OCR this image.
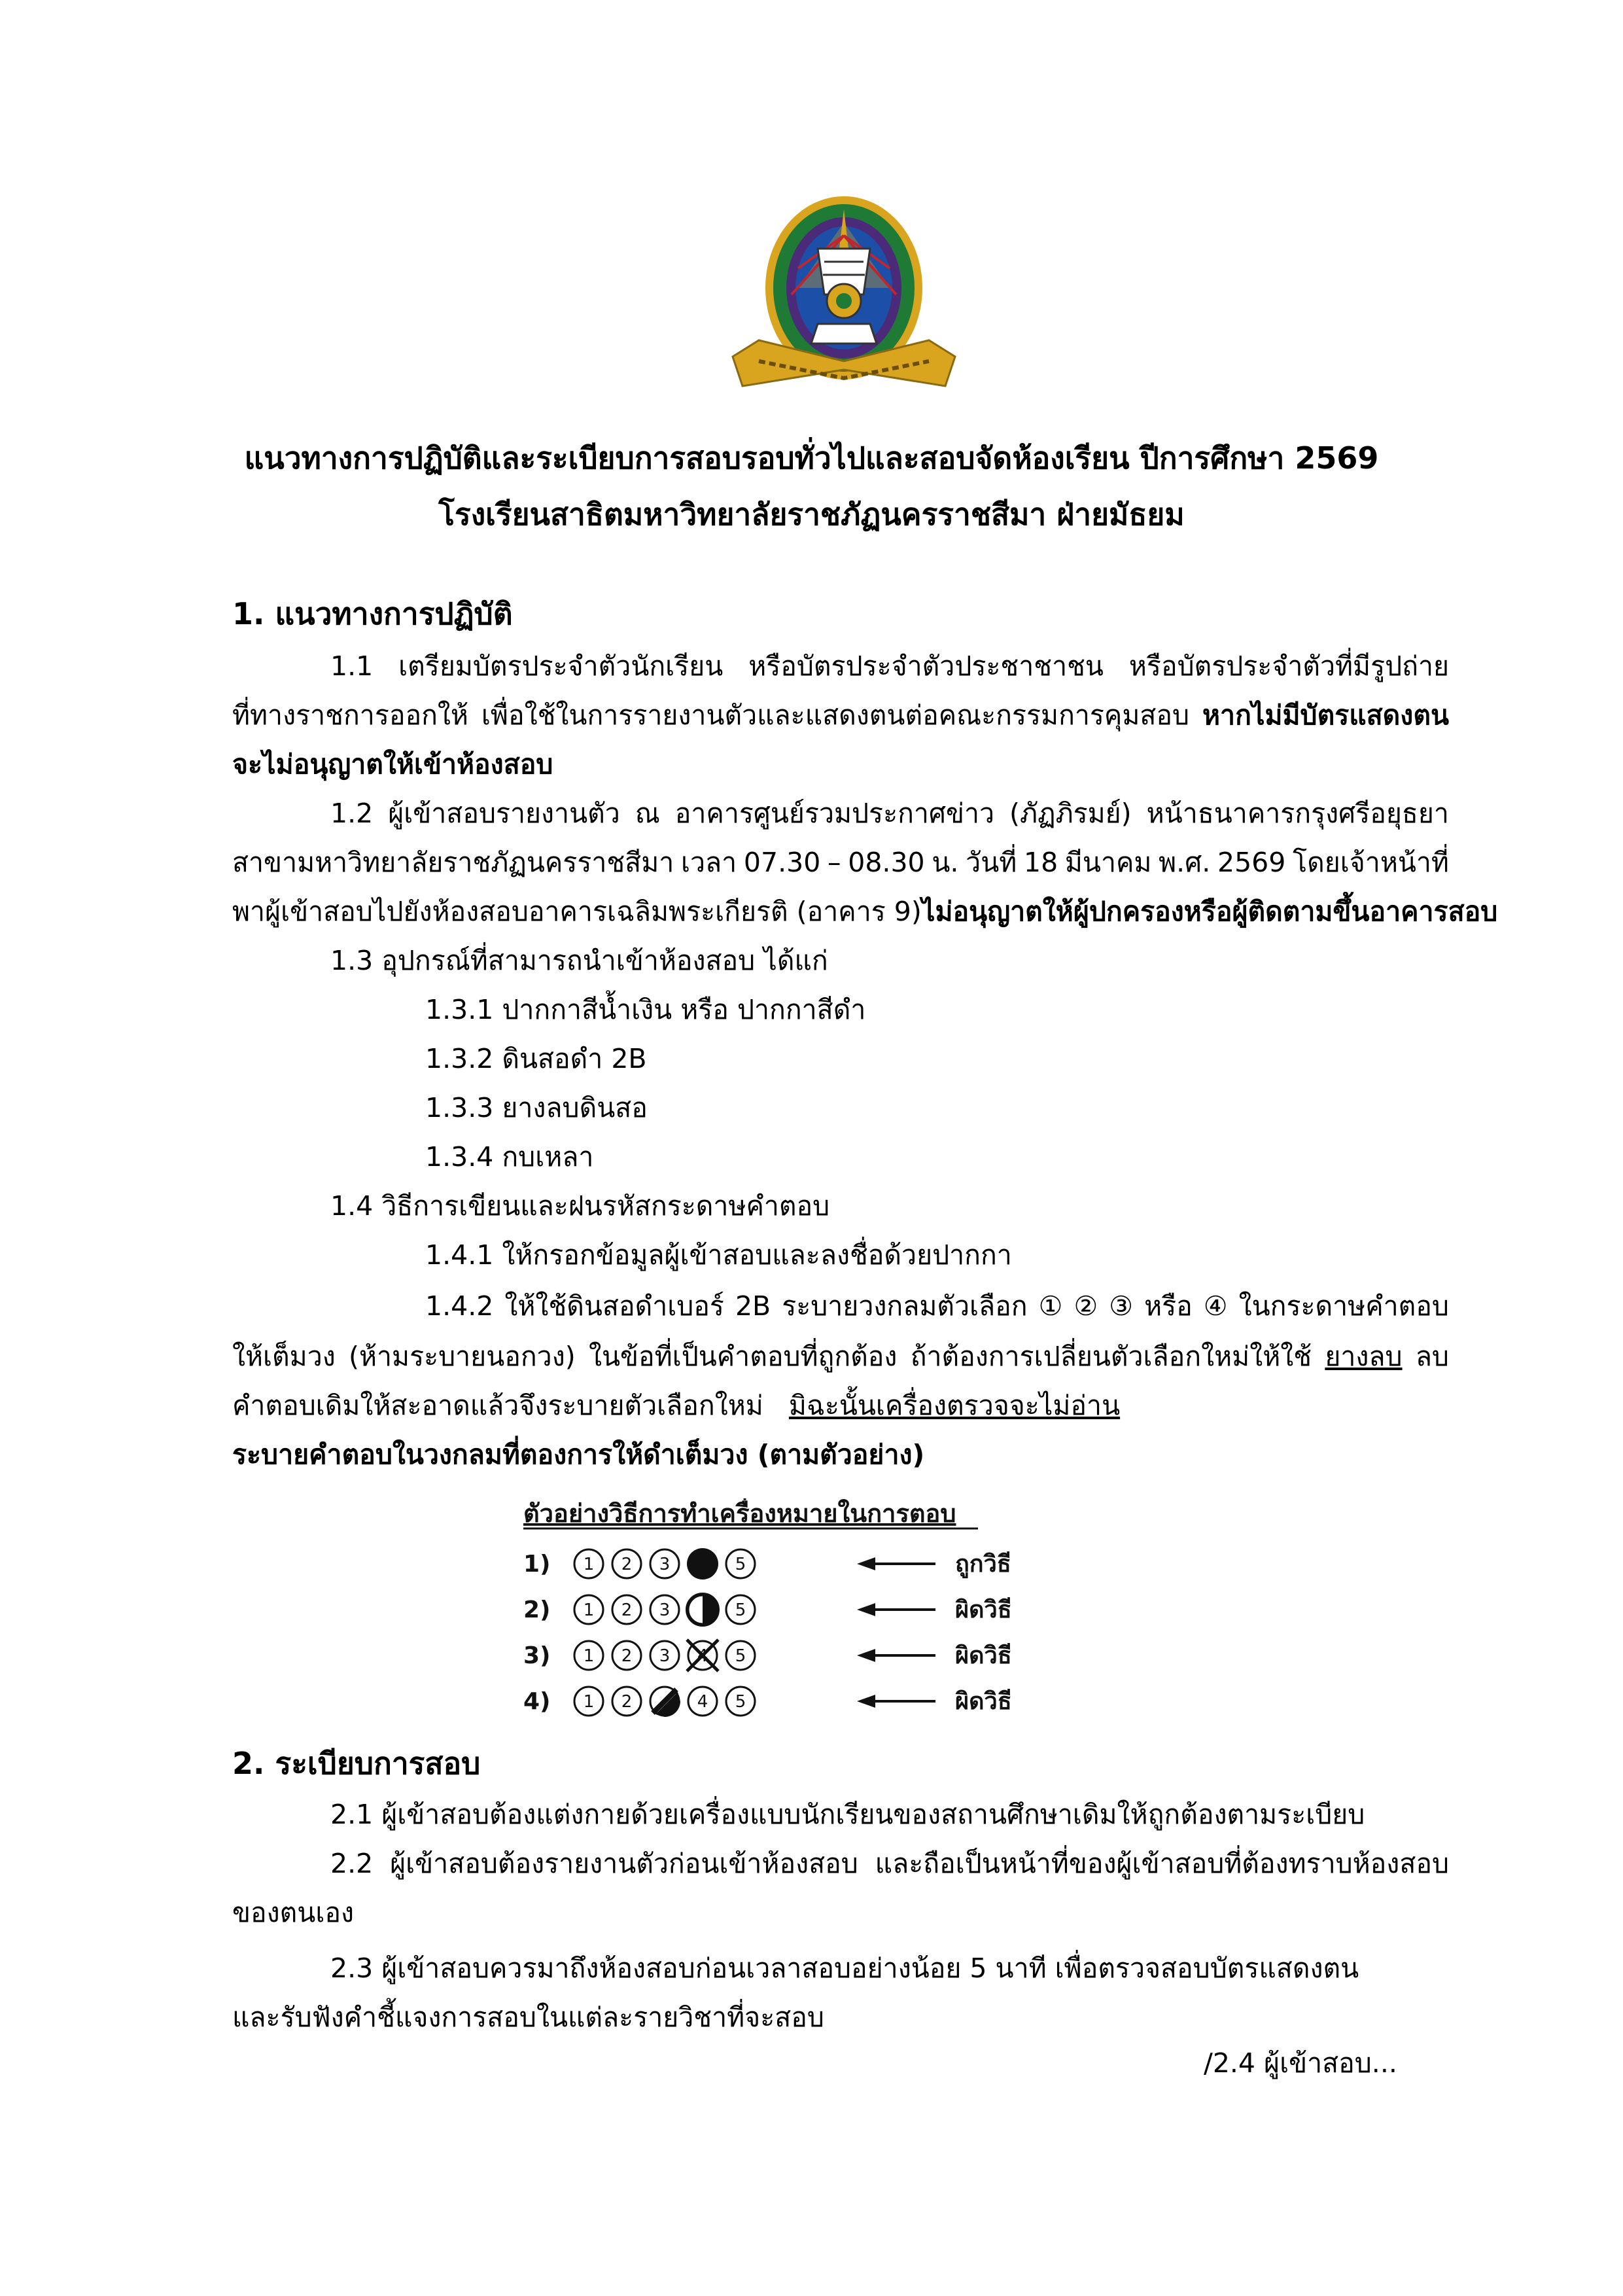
แนวทางการปฏิบัติและระเบียบการสอบรอบทั่วไปและสอบจัดห้องเรียน ปีการศึกษา 2569
โรงเรียนสาธิตมหาวิทยาลัยราชภัฏนครราชสีมา ฝ่ายมัธยม
1. แนวทางการปฏิบัติ
1.1 เตรียมบัตรประจำตัวนักเรียน หรือบัตรประจำตัวประชาชาชน หรือบัตรประจำตัวที่มีรูปถ่าย
ที่ทางราชการออกให้ เพื่อใช้ในการรายงานตัวและแสดงตนต่อคณะกรรมการคุมสอบ หากไม่มีบัตรแสดงตน
จะไม่อนุญาตให้เข้าห้องสอบ
1.2 ผู้เข้าสอบรายงานตัว ณ อาคารศูนย์รวมประกาศข่าว (ภัฏภิรมย์) หน้าธนาคารกรุงศรีอยุธยา
สาขามหาวิทยาลัยราชภัฏนครราชสีมา เวลา 07.30 – 08.30 น. วันที่ 18 มีนาคม พ.ศ. 2569 โดยเจ้าหน้าที่
พาผู้เข้าสอบไปยังห้องสอบอาคารเฉลิมพระเกียรติ (อาคาร 9) ไม่อนุญาตให้ผู้ปกครองหรือผู้ติดตามขึ้นอาคารสอบ
1.3 อุปกรณ์ที่สามารถนำเข้าห้องสอบ ได้แก่
1.3.1 ปากกาสีน้ำเงิน หรือ ปากกาสีดำ
1.3.2 ดินสอดำ 2B
1.3.3 ยางลบดินสอ
1.3.4 กบเหลา
1.4 วิธีการเขียนและฝนรหัสกระดาษคำตอบ
1.4.1 ให้กรอกข้อมูลผู้เข้าสอบและลงชื่อด้วยปากกา
1.4.2 ให้ใช้ดินสอดำเบอร์ 2B ระบายวงกลมตัวเลือก ① ② ③ หรือ ④ ในกระดาษคำตอบ
ให้เต็มวง (ห้ามระบายนอกวง) ในข้อที่เป็นคำตอบที่ถูกต้อง ถ้าต้องการเปลี่ยนตัวเลือกใหม่ให้ใช้ ยางลบ ลบ
คำตอบเดิมให้สะอาดแล้วจึงระบายตัวเลือกใหม่ มิฉะนั้นเครื่องตรวจจะไม่อ่าน
ระบายคำตอบในวงกลมที่ตองการให้ดำเต็มวง (ตามตัวอย่าง)
ตัวอย่างวิธีการทำเครื่องหมายในการตอบ
1) 1 2 3	5	ถูกวิธี
2) 1 2 3	5	ผิดวิธี
3) 1 2 3 4 5	ผิดวิธี
4) 1 2	4 5	ผิดวิธี
2. ระเบียบการสอบ
2.1 ผู้เข้าสอบต้องแต่งกายด้วยเครื่องแบบนักเรียนของสถานศึกษาเดิมให้ถูกต้องตามระเบียบ
2.2 ผู้เข้าสอบต้องรายงานตัวก่อนเข้าห้องสอบ และถือเป็นหน้าที่ของผู้เข้าสอบที่ต้องทราบห้องสอบ
ของตนเอง
2.3 ผู้เข้าสอบควรมาถึงห้องสอบก่อนเวลาสอบอย่างน้อย 5 นาที เพื่อตรวจสอบบัตรแสดงตน
และรับฟังคำชี้แจงการสอบในแต่ละรายวิชาที่จะสอบ
/2.4 ผู้เข้าสอบ...
